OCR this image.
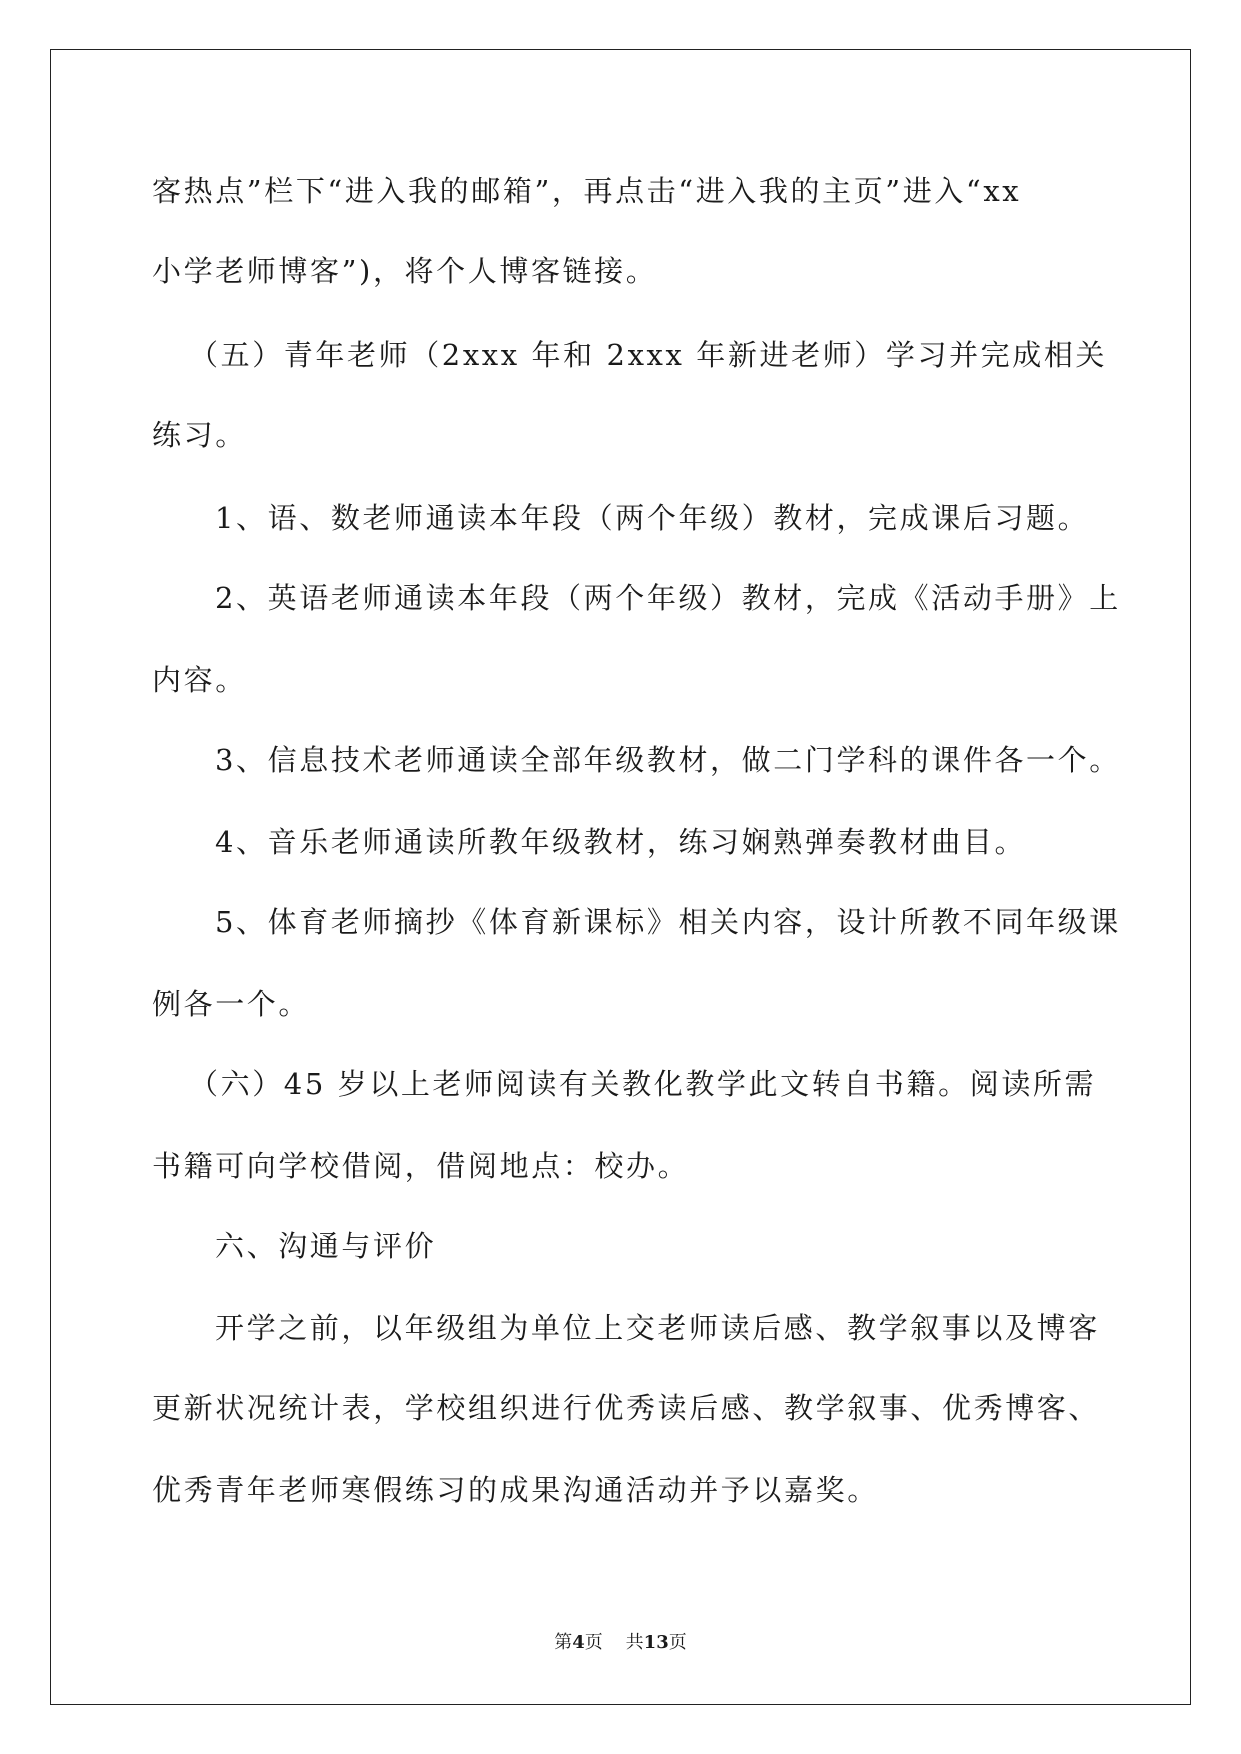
客热点”栏下“进入我的邮箱”，再点击“进入我的主页”进入“xx
小学老师博客”)，将个人博客链接。
（五）青年老师（2xxx 年和 2xxx 年新进老师）学习并完成相关
练习。
1、语、数老师通读本年段（两个年级）教材，完成课后习题。
2、英语老师通读本年段（两个年级）教材，完成《活动手册》上
内容。
3、信息技术老师通读全部年级教材，做二门学科的课件各一个。
4、音乐老师通读所教年级教材，练习娴熟弹奏教材曲目。
5、体育老师摘抄《体育新课标》相关内容，设计所教不同年级课
例各一个。
（六）45 岁以上老师阅读有关教化教学此文转自书籍。阅读所需
书籍可向学校借阅，借阅地点：校办。
六、沟通与评价
开学之前，以年级组为单位上交老师读后感、教学叙事以及博客
更新状况统计表，学校组织进行优秀读后感、教学叙事、优秀博客、
优秀青年老师寒假练习的成果沟通活动并予以嘉奖。
第4页 共13页
